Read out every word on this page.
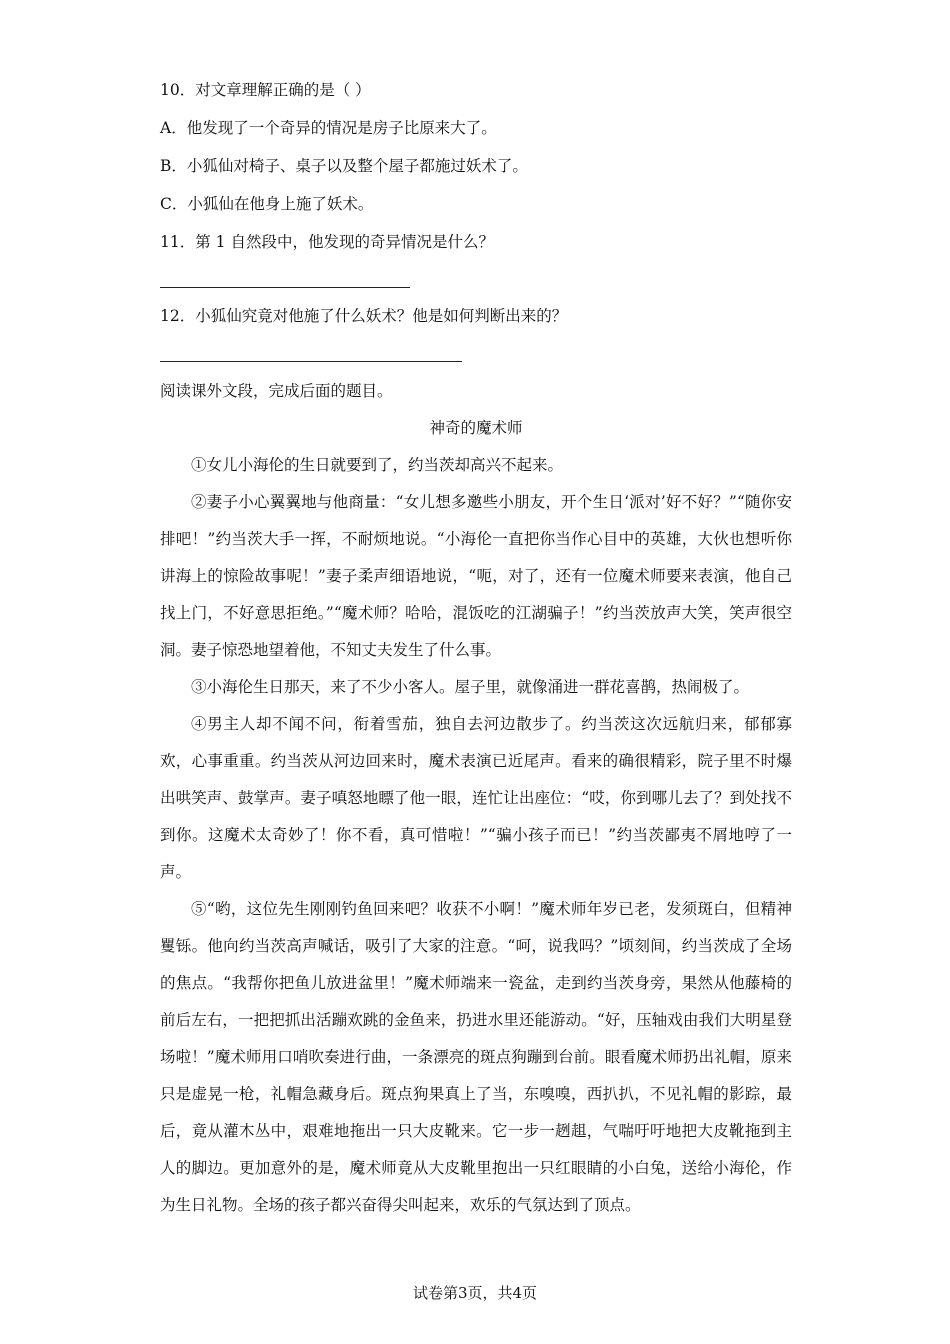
10．对文章理解正确的是（ ）
A．他发现了一个奇异的情况是房子比原来大了。
B．小狐仙对椅子、桌子以及整个屋子都施过妖术了。
C．小狐仙在他身上施了妖术。
11．第 1 自然段中，他发现的奇异情况是什么？
12．小狐仙究竟对他施了什么妖术？他是如何判断出来的？
阅读课外文段，完成后面的题目。
神奇的魔术师
①女儿小海伦的生日就要到了，约当茨却高兴不起来。
②妻子小心翼翼地与他商量：“女儿想多邀些小朋友，开个生日‘派对’好不好？”“随你安排吧！”约当茨大手一挥，不耐烦地说。“小海伦一直把你当作心目中的英雄，大伙也想听你讲海上的惊险故事呢！”妻子柔声细语地说，“呃，对了，还有一位魔术师要来表演，他自己找上门，不好意思拒绝。”“魔术师？哈哈，混饭吃的江湖骗子！”约当茨放声大笑，笑声很空洞。妻子惊恐地望着他，不知丈夫发生了什么事。
③小海伦生日那天，来了不少小客人。屋子里，就像涌进一群花喜鹊，热闹极了。
④男主人却不闻不问，衔着雪茄，独自去河边散步了。约当茨这次远航归来，郁郁寡欢，心事重重。约当茨从河边回来时，魔术表演已近尾声。看来的确很精彩，院子里不时爆出哄笑声、鼓掌声。妻子嗔怒地瞟了他一眼，连忙让出座位：“哎，你到哪儿去了？到处找不到你。这魔术太奇妙了！你不看，真可惜啦！”“骗小孩子而已！”约当茨鄙夷不屑地哼了一声。
⑤“哟，这位先生刚刚钓鱼回来吧？收获不小啊！”魔术师年岁已老，发须斑白，但精神矍铄。他向约当茨高声喊话，吸引了大家的注意。“呵，说我吗？”顷刻间，约当茨成了全场的焦点。“我帮你把鱼儿放进盆里！”魔术师端来一瓷盆，走到约当茨身旁，果然从他藤椅的前后左右，一把把抓出活蹦欢跳的金鱼来，扔进水里还能游动。“好，压轴戏由我们大明星登场啦！”魔术师用口哨吹奏进行曲，一条漂亮的斑点狗蹦到台前。眼看魔术师扔出礼帽，原来只是虚晃一枪，礼帽急藏身后。斑点狗果真上了当，东嗅嗅，西扒扒，不见礼帽的影踪，最后，竟从灌木丛中，艰难地拖出一只大皮靴来。它一步一趔趄，气喘吁吁地把大皮靴拖到主人的脚边。更加意外的是，魔术师竟从大皮靴里抱出一只红眼睛的小白兔，送给小海伦，作为生日礼物。全场的孩子都兴奋得尖叫起来，欢乐的气氛达到了顶点。
试卷第3页，共4页
